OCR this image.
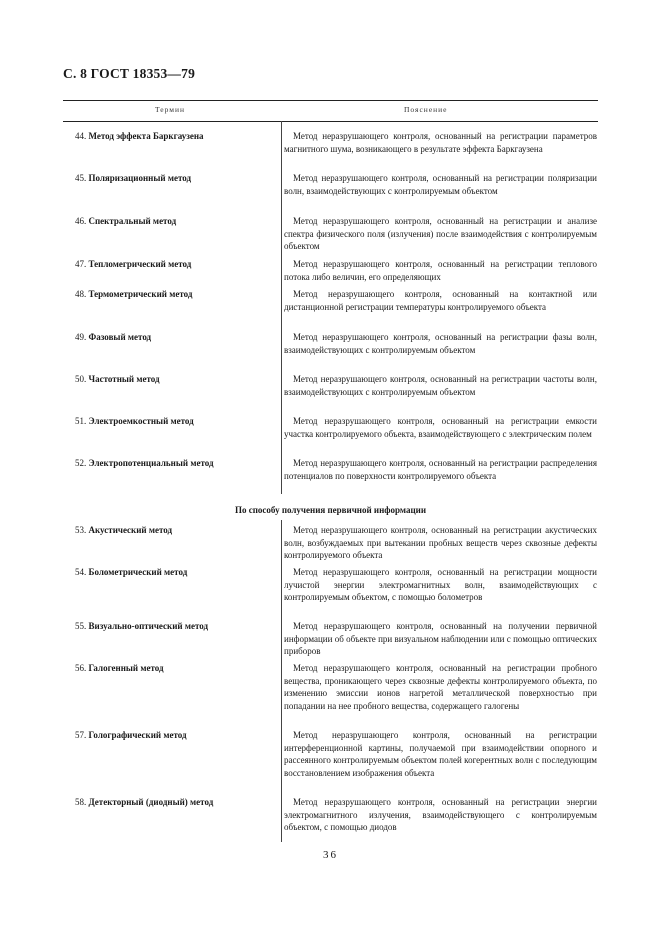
С. 8 ГОСТ 18353—79
Термин	Пояснение
44. Метод эффекта Баркгаузена	Метод неразрушающего контроля, основанный на регистрации параметров магнитного шума, возникающего в результате эффекта Баркгаузена
45. Поляризационный метод	Метод неразрушающего контроля, основанный на регистрации поляризации волн, взаимодействующих с контролируемым объектом
46. Спектральный метод	Метод неразрушающего контроля, основанный на регистрации и анализе спектра физического поля (излучения) после взаимодействия с контролируемым объектом
47. Тепломегрический метод	Метод неразрушающего контроля, основанный на регистрации теплового потока либо величин, его определяющих
48. Термометрический метод	Метод неразрушающего контроля, основанный на контактной или дистанционной регистрации температуры контролируемого объекта
49. Фазовый метод	Метод неразрушающего контроля, основанный на регистрации фазы волн, взаимодействующих с контролируемым объектом
50. Частотный метод	Метод неразрушающего контроля, основанный на регистрации частоты волн, взаимодействующих с контролируемым объектом
51. Электроемкостный метод	Метод неразрушающего контроля, основанный на регистрации емкости участка контролируемого объекта, взаимодействующего с электрическим полем
52. Электропотенциальный метод	Метод неразрушающего контроля, основанный на регистрации распределения потенциалов по поверхности контролируемого объекта
По способу получения первичной информации
53. Акустический метод	Метод неразрушающего контроля, основанный на регистрации акустических волн, возбуждаемых при вытекании пробных веществ через сквозные дефекты контролируемого объекта
54. Болометрический метод	Метод неразрушающего контроля, основанный на регистрации мощности лучистой энергии электромагнитных волн, взаимодействующих с контролируемым объектом, с помощью болометров
55. Визуально-оптический метод	Метод неразрушающего контроля, основанный на получении первичной информации об объекте при визуальном наблюдении или с помощью оптических приборов
56. Галогенный метод	Метод неразрушающего контроля, основанный на регистрации пробного вещества, проникающего через сквозные дефекты контролируемого объекта, по изменению эмиссии ионов нагретой металлической поверхностью при попадании на нее пробного вещества, содержащего галогены
57. Голографический метод	Метод неразрушающего контроля, основанный на регистрации интерференционной картины, получаемой при взаимодействии опорного и рассеянного контролируемым объектом полей когерентных волн с последующим восстановлением изображения объекта
58. Детекторный (диодный) метод	Метод неразрушающего контроля, основанный на регистрации энергии электромагнитного излучения, взаимодействующего с контролируемым объектом, с помощью диодов
36
